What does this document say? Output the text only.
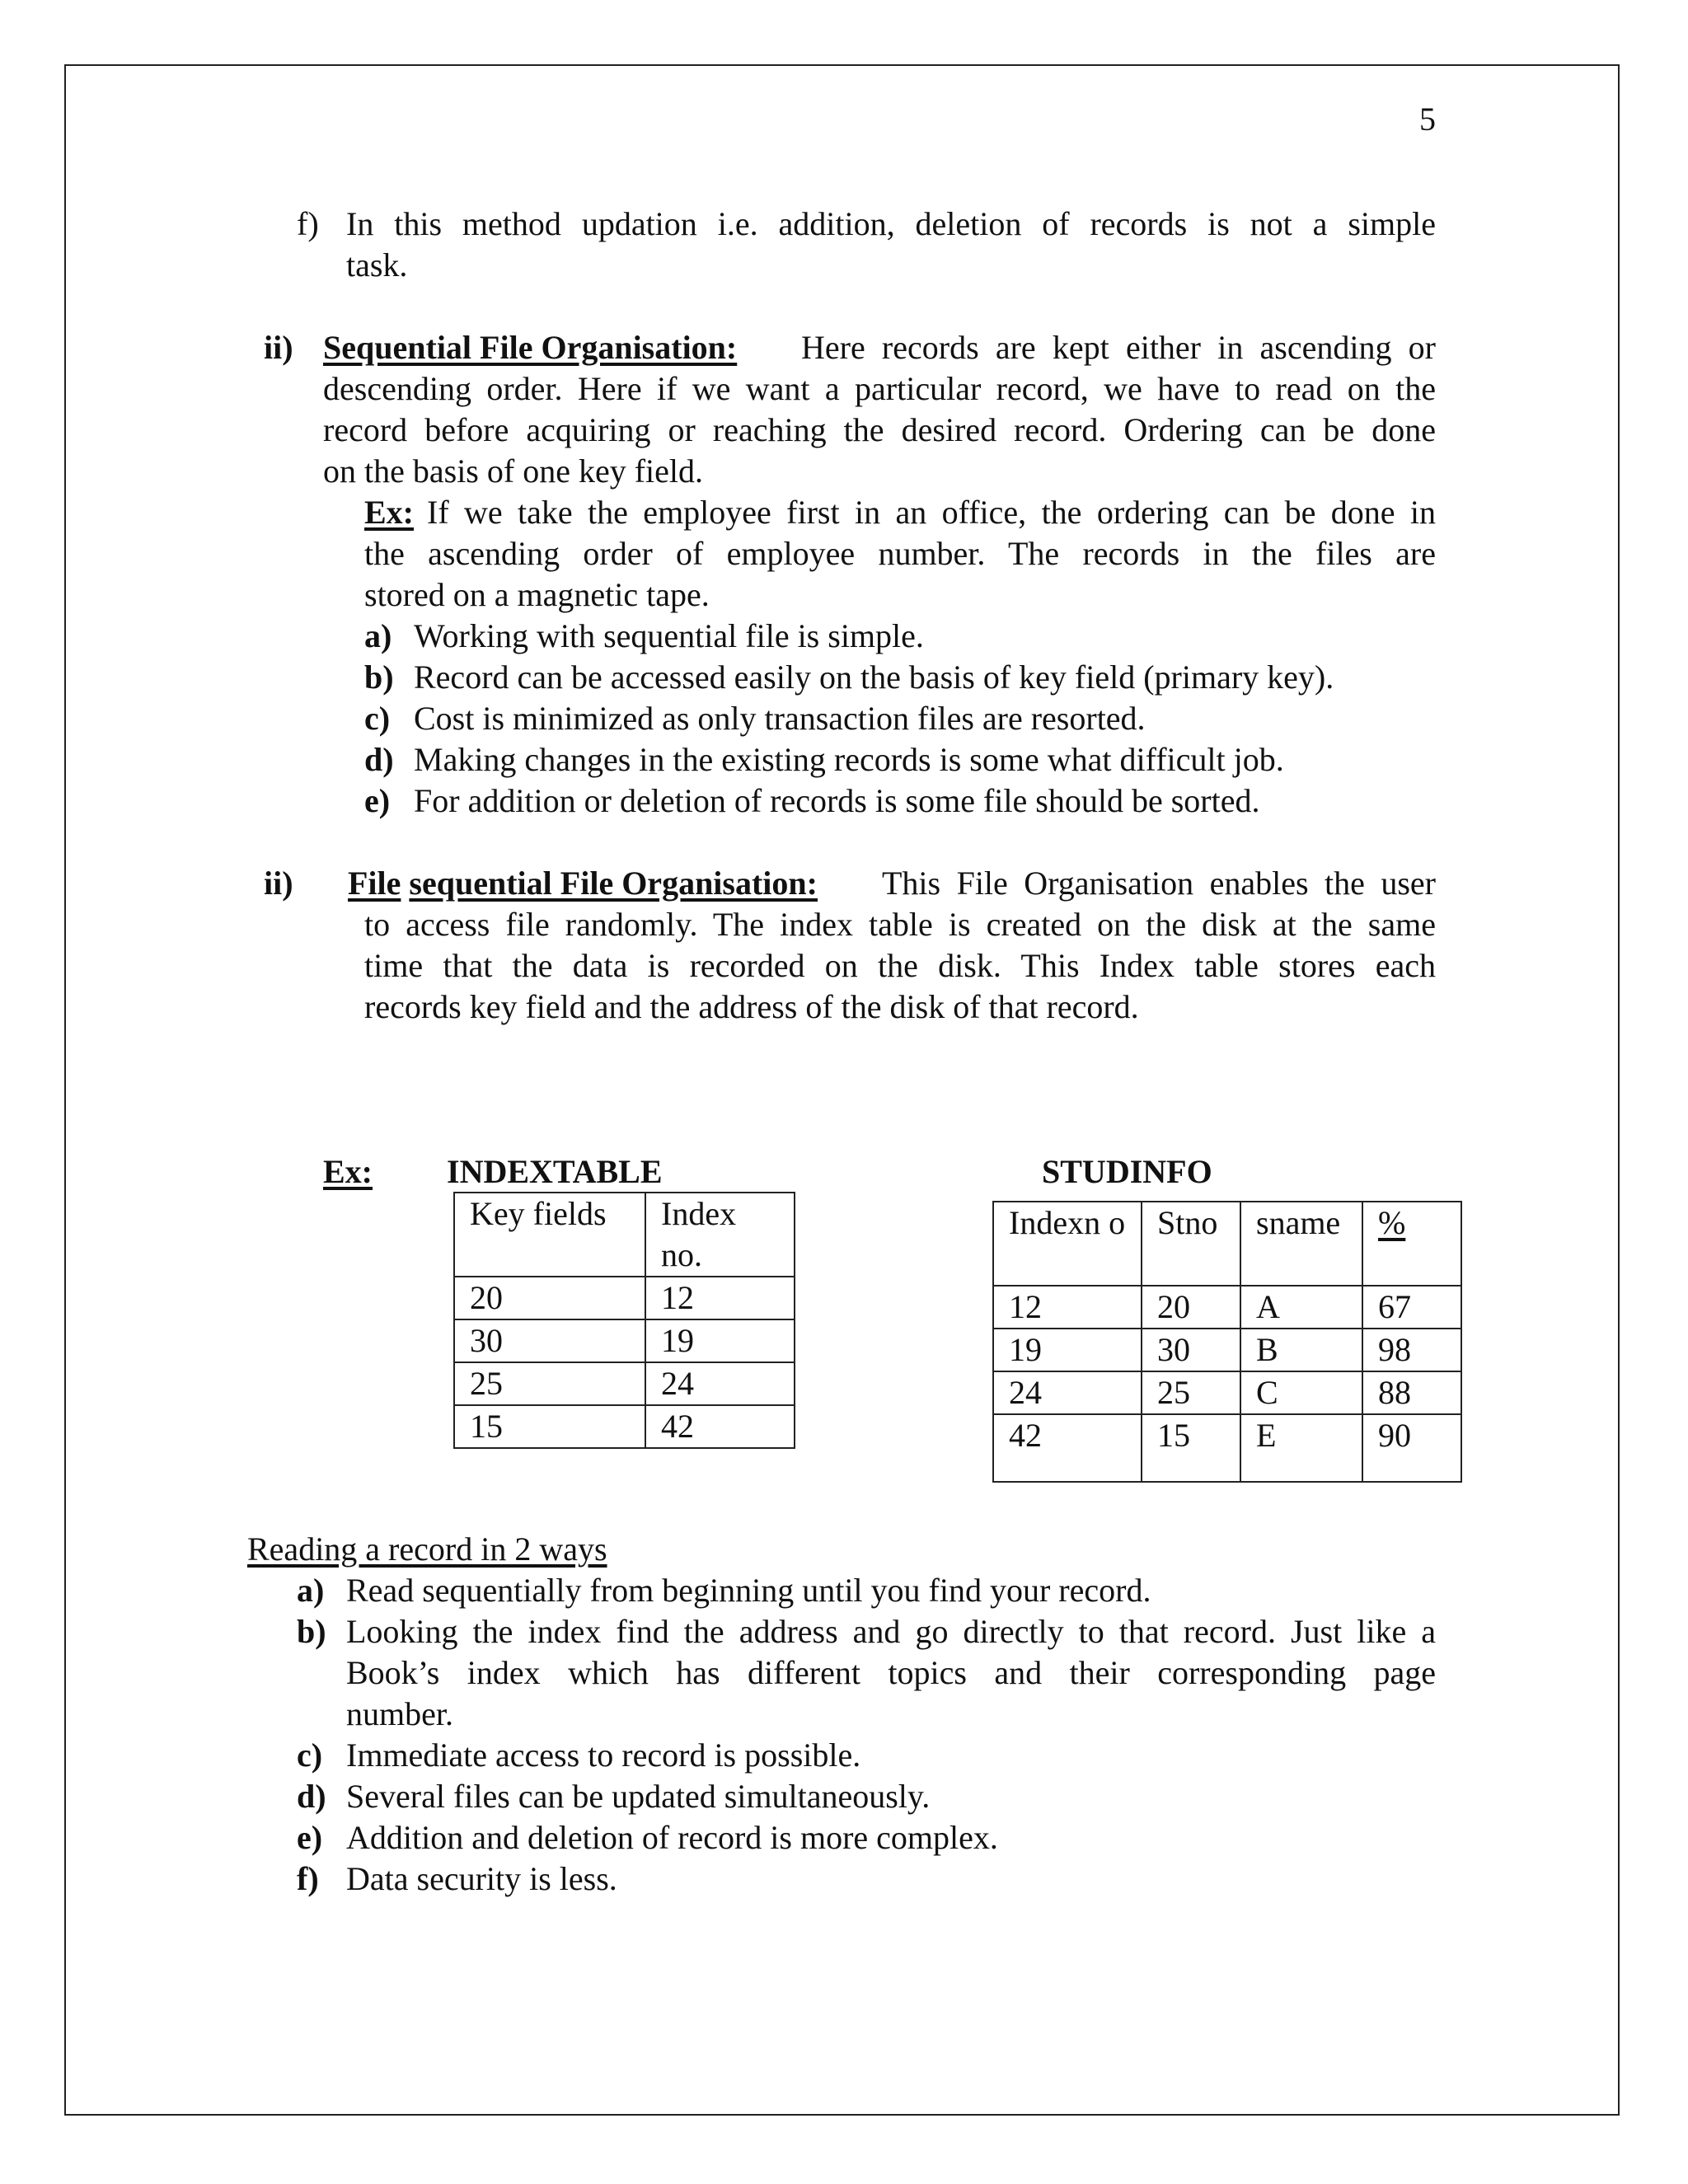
5
f) In this method updation i.e. addition, deletion of records is not a simple
task.
ii) Sequential File Organisation: Here records are kept either in ascending or
descending order. Here if we want a particular record, we have to read on the
record before acquiring or reaching the desired record. Ordering can be done
on the basis of one key field.
Ex: If we take the employee first in an office, the ordering can be done in
the ascending order of employee number. The records in the files are
stored on a magnetic tape.
a) Working with sequential file is simple.
b) Record can be accessed easily on the basis of key field (primary key).
c) Cost is minimized as only transaction files are resorted.
d) Making changes in the existing records is some what difficult job.
e) For addition or deletion of records is some file should be sorted.
ii) File sequential File Organisation: This File Organisation enables the user
to access file randomly. The index table is created on the disk at the same
time that the data is recorded on the disk. This Index table stores each
records key field and the address of the disk of that record.
Ex: INDEXTABLE	STUDINFO
Key fields	Index no.
20	12
30	19
25	24
15	42
Indexn o	Stno	sname	%
12	20	A	67
19	30	B	98
24	25	C	88
42	15	E	90
Reading a record in 2 ways
a) Read sequentially from beginning until you find your record.
b) Looking the index find the address and go directly to that record. Just like a
Book’s index which has different topics and their corresponding page
number.
c) Immediate access to record is possible.
d) Several files can be updated simultaneously.
e) Addition and deletion of record is more complex.
f) Data security is less.
